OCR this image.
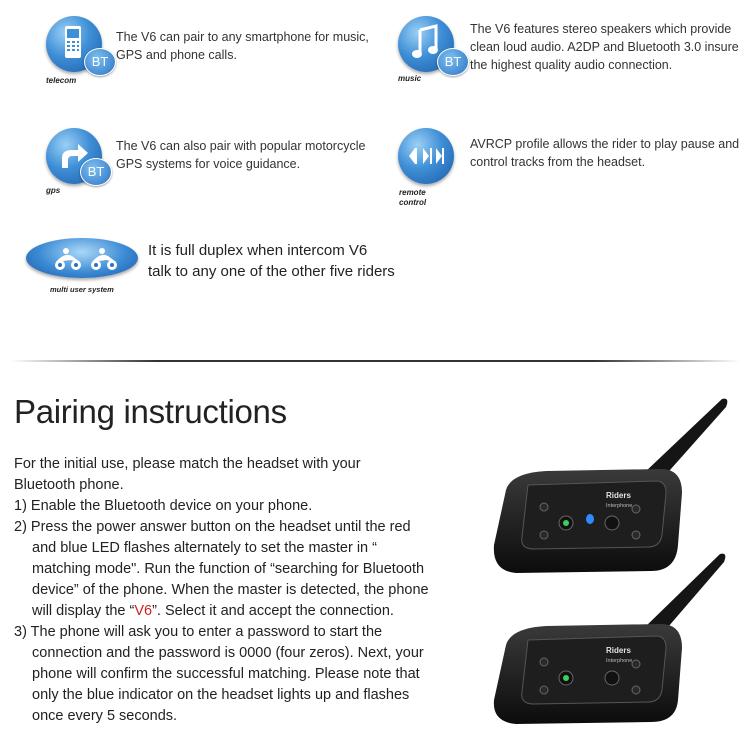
BT
telecom
The V6 can pair to any smartphone for music, GPS and phone calls.	BT
music
The V6 features stereo speakers which provide clean loud audio. A2DP and Bluetooth 3.0 insure the highest quality audio connection.
BT
gps
The V6 can also pair with popular motorcycle GPS systems for voice guidance.
remote
control
AVRCP profile allows the rider to play pause and control tracks from the headset.
multi user system
It is full duplex when intercom V6
talk to any one of the other five riders
Pairing instructions
For the initial use, please match the headset with your
Bluetooth phone.
1) Enable the Bluetooth device on your phone.
2) Press the power answer button on the headset until the red
and blue LED flashes alternately to set the master in “
matching mode". Run the function of “searching for Bluetooth
device” of the phone. When the master is detected, the phone
will display the “V6”. Select it and accept the connection.
3) The phone will ask you to enter a password to start the
connection and the password is 0000 (four zeros). Next, your
phone will confirm the successful matching. Please note that
only the blue indicator on the headset lights up and flashes
once every 5 seconds.
Riders
Interphone
Riders
Interphone
